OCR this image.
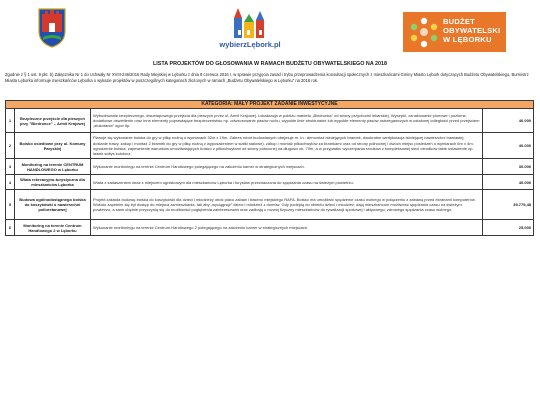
wybierzLębork.pl
BUDŻET
OBYWATELSKI
W LĘBORKU
LISTA PROJEKTÓW DO GŁOSOWANIA W RAMACH BUDŻETU OBYWATELSKIEGO NA 2018
Zgodnie z § 1 ust. 9 pkt. b) Załącznika Nr 1 do Uchwały Nr XVIII-246/2016 Rady Miejskiej w Lęborku z dnia 9 czerwca 2016 r. w sprawie przyjęcia zasad i trybu przeprowadzenia konsultacji społecznych z mieszkańcami Gminy Miasto Lębork dotyczących Budżetu Obywatelskiego, Burmistrz Miasta Lęborka informuje mieszkańców Lęborka o wykazie projektów w poszczególnych kategoriach złożonych w ramach „Budżetu Obywatelskiego w Lęborku” na 2018 rok.
KATEGORIA: MAŁY PROJEKT ZADANIE INWESTYCYJNE			
1	Bezpieczne przejście dla pieszych przy "Biedronce" – Armii Krajowej	Wybudowanie bezpiecznego, dwuetapowego przejścia dla pieszych przez ul. Armii Krajowej. Lokalizacja w pobliżu marketu „Biedronka” od strony przychodni lekarskiej. Wysepki, oznakowanie pionowe i poziome, dodatkowe oświetlenie oraz inne elementy poprawiające bezpieczeństwo np. odwzorowanie pasów ruchu, wypukłe linie strukturalne lub wypukłe elementy pasów ostrzegawczych w ustalonej odległości przed przejściem „stukotania” ogon itp.	40.000
2	Boisko osiedlowe przy ul. Komuny Paryskiej	Planuje się wykonanie boiska do gry w piłkę nożną o wymiarach 32m x 19m. Zakres robót budowlanych obejmuje m. in.: demontaż istniejących bramek, dwukrotne wertykulacja istniejącej nawierzchni trawiastej, dosianie trawy, zakup i montaż 2 bramek do gry w piłkę nożną z wyposażeniem w siatki stalowe), zakup i montaż piłkochwytów za bramkami oraz od strony północnej i dwóch miejsc posiedzeń o wymiarach 6m x 4m, ogrodzenie boiska, zapewnienie warunków umożliwiających boisko z piłkochwytami od strony północnej na długości ok. 70m, a w przypadku wyczerpania środków z kompleksowej sieci ośrodków takie ustawienie np. ławek sołtys kołotocz.	40.000
3	Monitoring na terenie CENTRUM HANDLOWEGO w Lęborku	Wykonanie monitoringu na terenie Centrum Handlowego polegającego na założeniu kamer w strategicznych miejscach.	30.000
4	Wiata rekreacyjno-turystyczna dla mieszkańców Lęborka	Wiata z zadaszeniem wraz z miejscem ogniskowym dla mieszkańców Lęborka i turystów przeznaczona do spędzania czasu na świeżym powietrzu.	40.000
5	Budowa ogólnodostępnego boiska do koszykówki o nawierzchni poliuretanowej	Projekt zakłada budowę boiska do koszykówki dla dzieci i młodzieży obok placu zabaw i basenu miejskiego RAFA. Boisko ma umożliwić spędzenie czasu wolnego w połączeniu z zabawą przed ekranami komputerów. Wokoło zapełnim się był dostęp do miejsca zamieszkania, tak aby „wyciągnąć” dzieci i młodzież z domów. Gdy podejdą do obiektu dzieci i młodzież, dają mieszkańcom możliwość spędzania czasu na świeżym powietrzu, a sami chętnie przyczynią się do możliwości pogłębienia zainteresowań oraz zadbają o rozwój fizyczny mieszkańców do rywalizacji sportowej i aktywnego, zdrowego spędzania czasu wolnego.	39.779,48
6	Monitoring na terenie Centrum Handlowego 2 w Lęborku	Wykonanie monitoringu na terenie Centrum Handlowego 2 polegającego na założeniu kamer w strategicznych miejscach.	25.000
